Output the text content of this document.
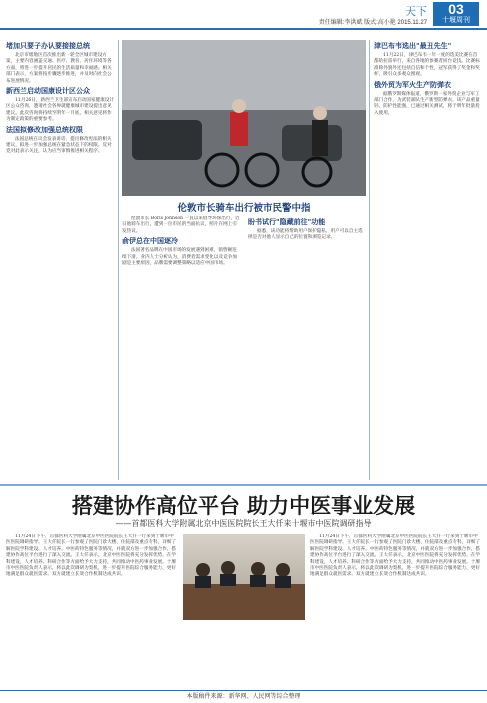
天下
责任编辑:李洪斌 版式:高小艳 2015.11.27
03
十堰周刊
堵加只要子办认要接接总统

北京市堵地区首次推出新一轮全区城市建设方案，主要内容涵盖交通、医疗、教育、居住环境等各方面，将进一步提升居民的生活质量和幸福感。相关部门表示，方案将按步骤逐步推进，并及时向社会公布进展情况。

新西兰启动国康设计区公众

11月26日，新西兰卫生部宣布启动国家健康设计区公众咨询，邀请社会各界就健康城市建设提出意见建议。此次咨询将持续至明年一月底，相关意见将作为制定政策的重要参考。

法国拟修改加强总统权限

法国总统在议会发表讲话，提出修改宪法的相关建议，拟进一步加强总统在紧急状态下的权限。反对党对此表示关注，认为应当审慎推进相关程序。

伦敦市长骑车出行被市民警中指

伦敦市长 Boris Johnson 一直以来倡导环保出行，近日他骑车出行，遭到一位市民的当面抗议，照片在网上引发热议。

俞伊总在中国逐冷

法国著名品牌在中国市场的发展遇到困难，销售额连续下滑。业内人士分析认为，消费者需求变化以及竞争加剧是主要原因，品牌需要调整策略以适应中国市场。

盼书试行"隐藏前往"功能

据悉，该功能将帮助用户保护隐私，用户可以自主选择是否对他人显示自己的位置和浏览记录。

津巴布韦选出"最丑先生"

11月22日，津巴布韦一年一度的选美比赛在首都哈拉雷举行，来自各地的参赛者同台竞技。比赛标准除外貌外还包括自信和个性，冠军获得了奖金和奖杯，吸引众多观众围观。

俄外贸为军火生产防弹衣

据俄罗斯媒体报道，俄罗斯一家外贸企业与军工部门合作，为武装部队生产新型防弹衣。该产品重量轻、防护性能强，已通过相关测试，将于明年批量投入使用。

搭建协作高位平台 助力中医事业发展
——首都医科大学附属北京中医医院院长王大仟来十堰市中医院调研指导

11月24日下午，首都医科大学附属北京中医医院院长王大仟一行来到十堰市中医医院调研指导。王大仟院长一行参观了医院门诊大楼、住院部及重点专科，详细了解医院学科建设、人才培养、中医药特色服务等情况，并就双方进一步加强合作、搭建协作高位平台进行了深入交流。王大仟表示，北京中医医院将充分发挥优势，在学科建设、人才培养、科研合作等方面给予大力支持，共同推动中医药事业发展。十堰市中医医院负责人表示，将以此次调研为契机，进一步提升医院综合服务能力，更好地满足群众就医需求。双方就建立长效合作机制达成共识。

11月24日下午，首都医科大学附属北京中医医院院长王大仟一行来到十堰市中医医院调研指导。王大仟院长一行参观了医院门诊大楼、住院部及重点专科，详细了解医院学科建设、人才培养、中医药特色服务等情况，并就双方进一步加强合作、搭建协作高位平台进行了深入交流。王大仟表示，北京中医医院将充分发挥优势，在学科建设、人才培养、科研合作等方面给予大力支持，共同推动中医药事业发展。十堰市中医医院负责人表示，将以此次调研为契机，进一步提升医院综合服务能力，更好地满足群众就医需求。双方就建立长效合作机制达成共识。

本版稿件来源：新华网、人民网等综合整理
